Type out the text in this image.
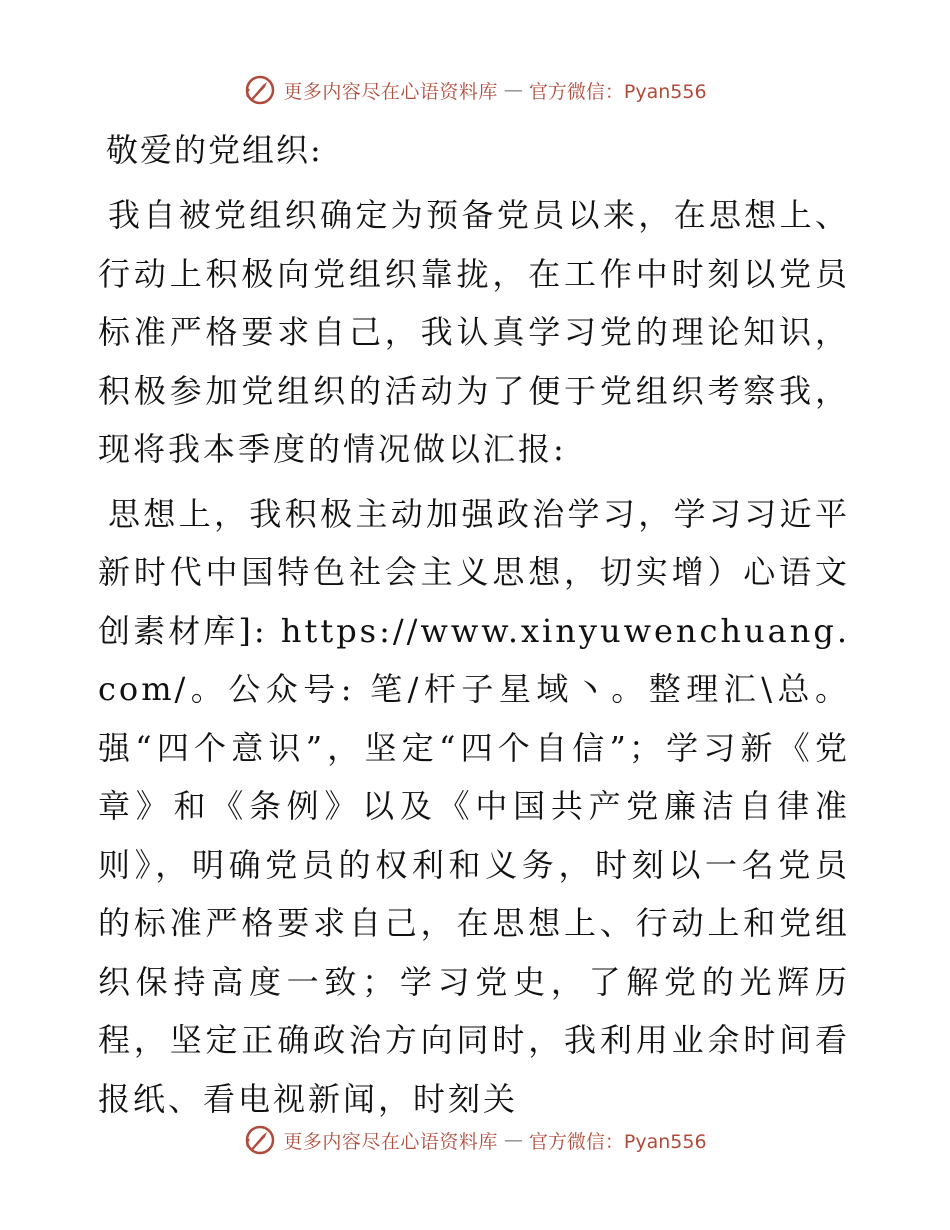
更多内容尽在心语资料库 — 官方微信：Pyan556

敬爱的党组织:

我自被党组织确定为预备党员以来，在思想上、行动上积极向党组织靠拢，在工作中时刻以党员标准严格要求自己，我认真学习党的理论知识，积极参加党组织的活动为了便于党组织考察我，现将我本季度的情况做以汇报:

思想上，我积极主动加强政治学习，学习习近平新时代中国特色社会主义思想，切实增）心语文创素材库]: https://www.xinyuwenchuang.com/。公众号: 笔/杆子星域丶。整理汇\总。强“四个意识”，坚定“四个自信”；学习新《党章》和《条例》以及《中国共产党廉洁自律准则》，明确党员的权利和义务，时刻以一名党员的标准严格要求自己，在思想上、行动上和党组织保持高度一致；学习党史，了解党的光辉历程，坚定正确政治方向同时，我利用业余时间看报纸、看电视新闻，时刻关

更多内容尽在心语资料库 — 官方微信：Pyan556
